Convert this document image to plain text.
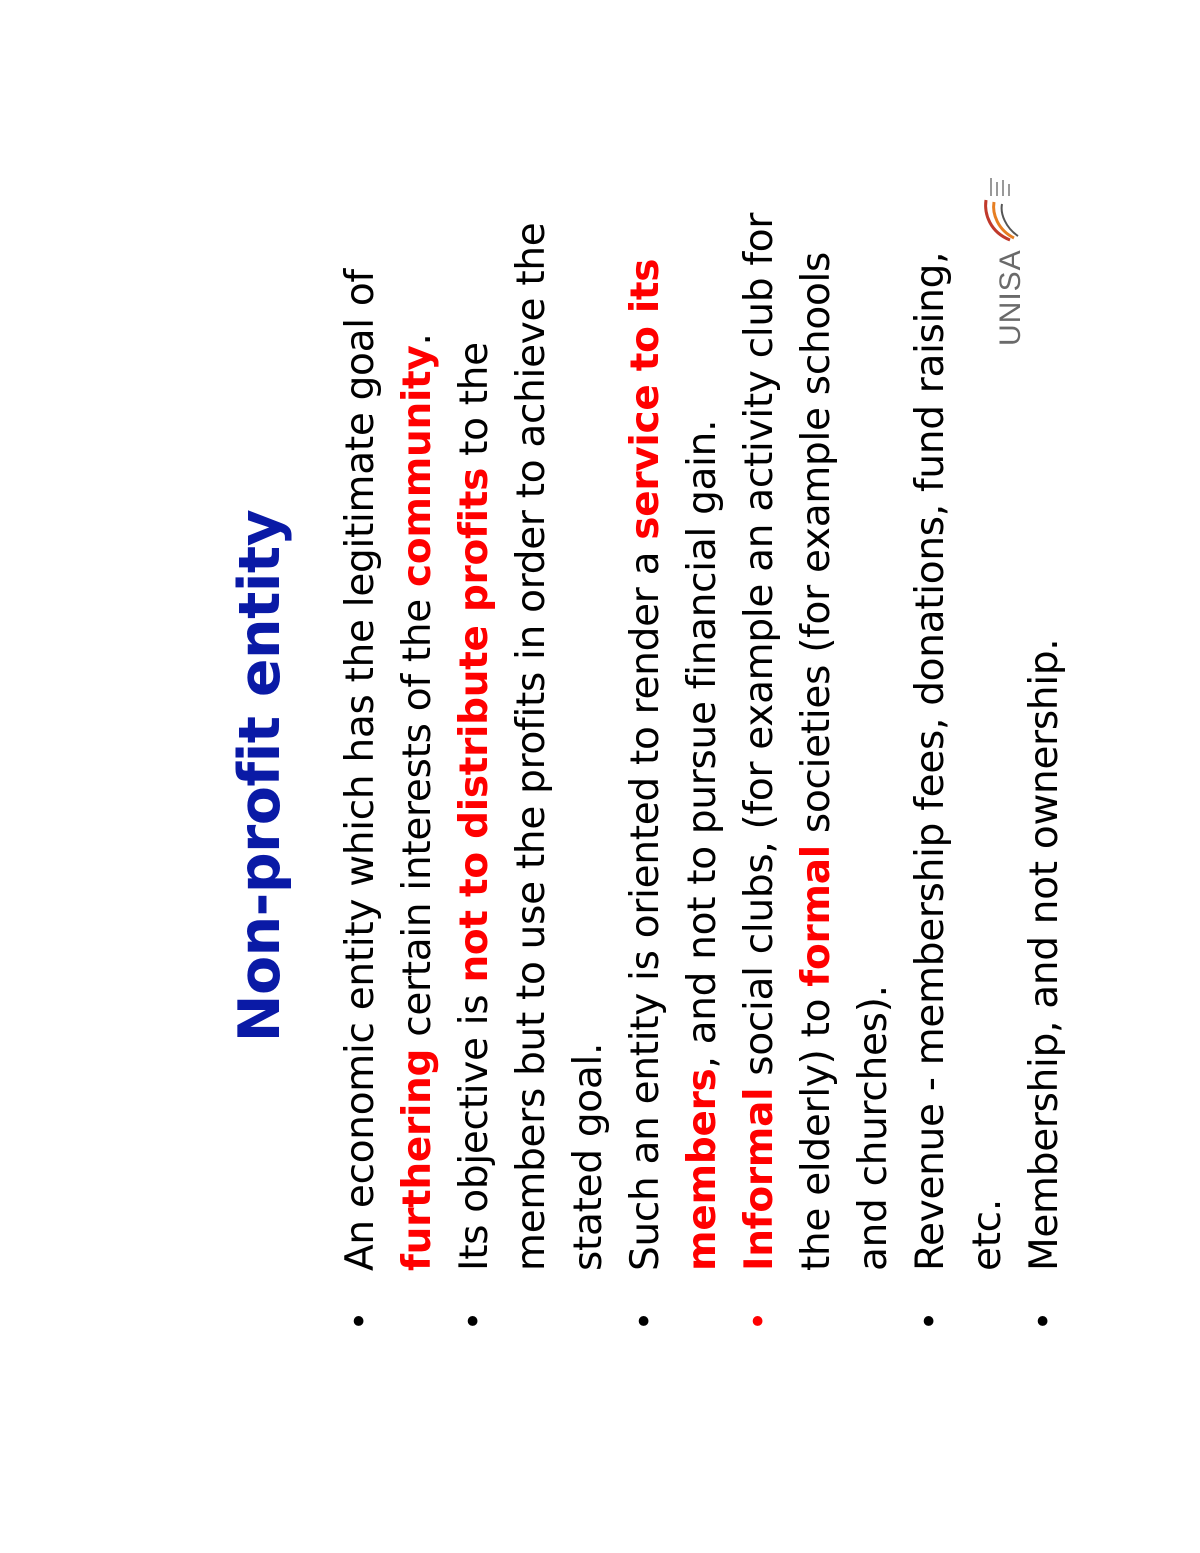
Non-profit entity
•
An economic entity which has the legitimate goal of furthering certain interests of the community.
•
Its objective is not to distribute profits to the members but to use the profits in order to achieve the stated goal.
•
Such an entity is oriented to render a service to its members, and not to pursue financial gain.
•
Informal social clubs, (for example an activity club for the elderly) to formal societies (for example schools and churches).
•
Revenue - membership fees, donations, fund raising, etc.
•
Membership, and not ownership.
UNISA
